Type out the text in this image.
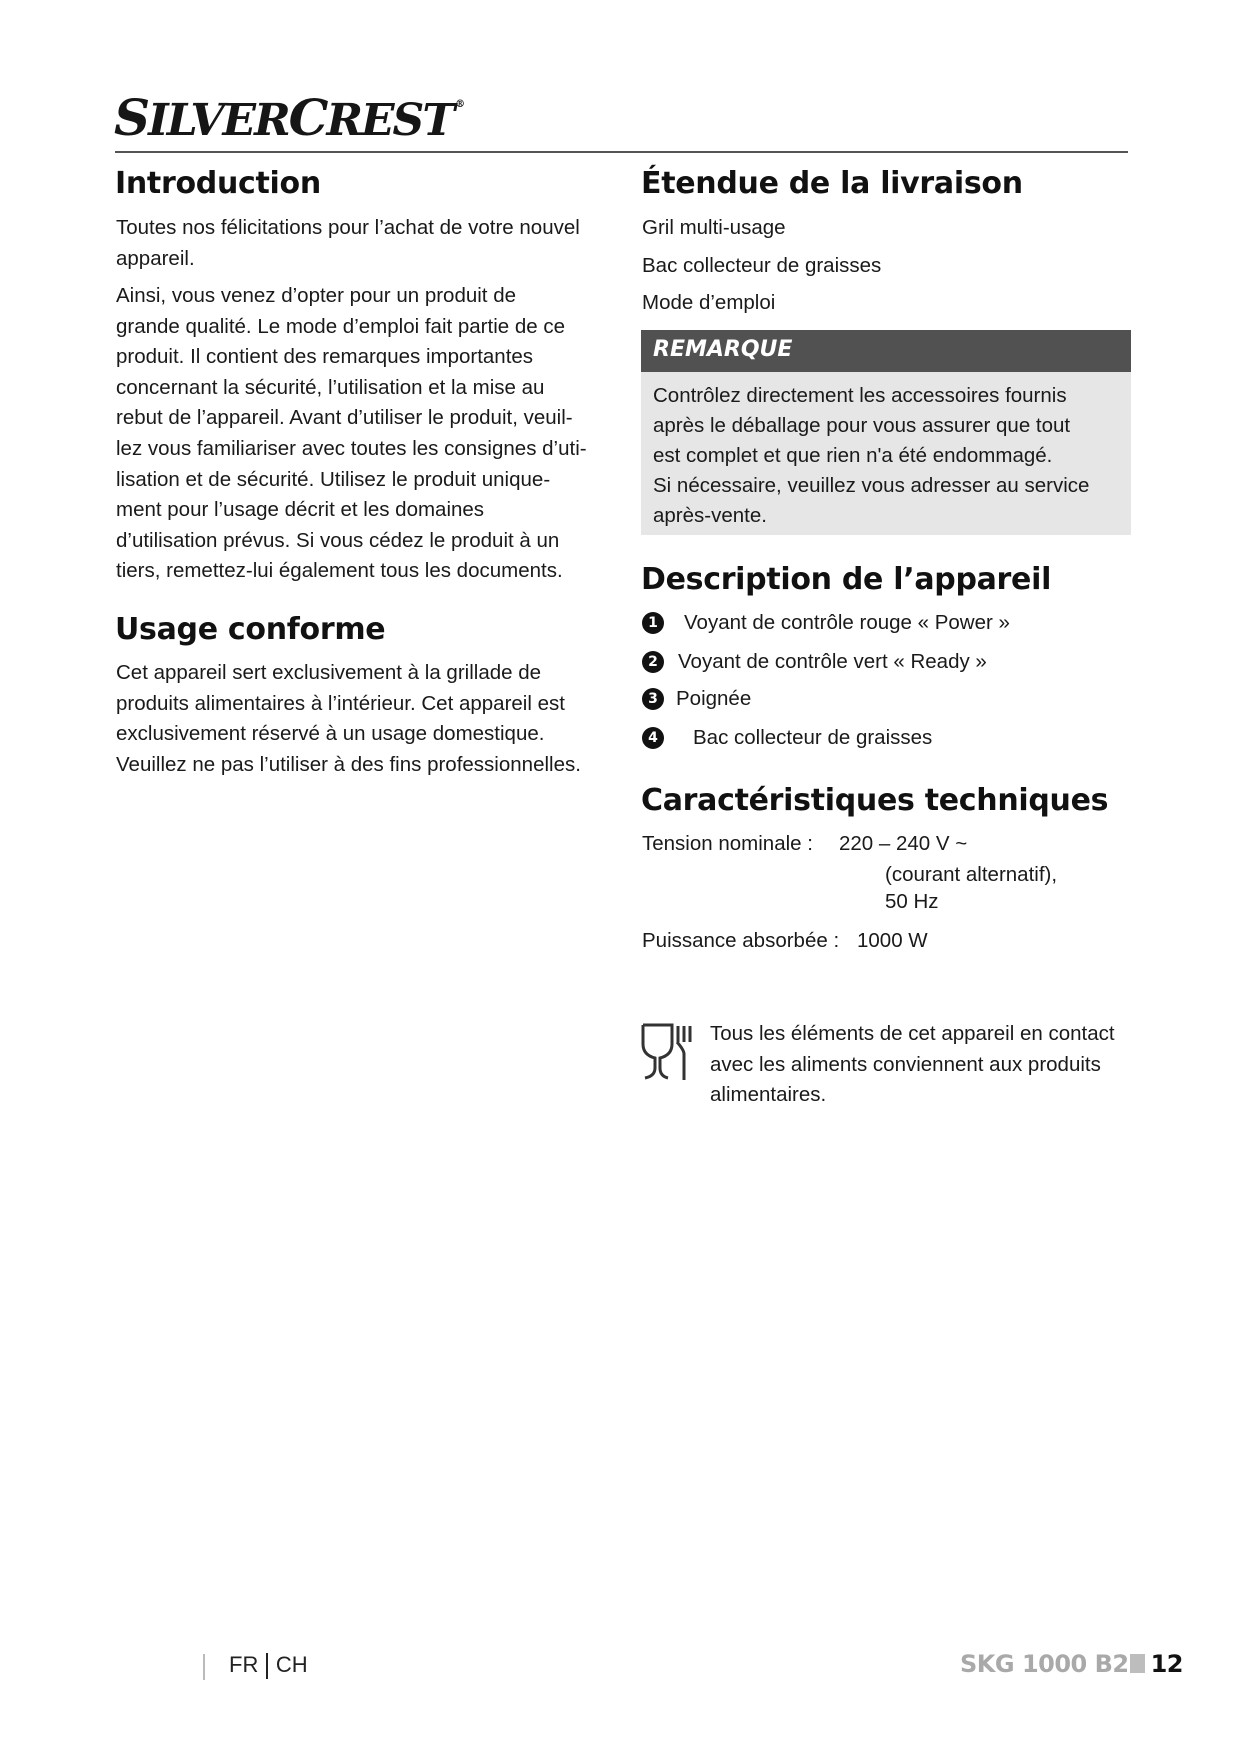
SILVERCREST ®
Introduction
Toutes nos félicitations pour l’achat de votre nouvel
appareil.
Ainsi, vous venez d’opter pour un produit de
grande qualité. Le mode d’emploi fait partie de ce
produit. Il contient des remarques importantes
concernant la sécurité, l’utilisation et la mise au
rebut de l’appareil. Avant d’utiliser le produit, veuil-
lez vous familiariser avec toutes les consignes d’uti-
lisation et de sécurité. Utilisez le produit unique-
ment pour l’usage décrit et les domaines
d’utilisation prévus. Si vous cédez le produit à un
tiers, remettez-lui également tous les documents.
Usage conforme
Cet appareil sert exclusivement à la grillade de
produits alimentaires à l’intérieur. Cet appareil est
exclusivement réservé à un usage domestique.
Veuillez ne pas l’utiliser à des fins professionnelles.
Étendue de la livraison
Gril multi-usage
Bac collecteur de graisses
Mode d’emploi
REMARQUE
Contrôlez directement les accessoires fournis
après le déballage pour vous assurer que tout
est complet et que rien n'a été endommagé.
Si nécessaire, veuillez vous adresser au service
après-vente.
Description de l’appareil
1 Voyant de contrôle rouge « Power »
2 Voyant de contrôle vert « Ready »
3 Poignée
4 Bac collecteur de graisses
Caractéristiques techniques
Tension nominale : 220 – 240 V ~
(courant alternatif),
50 Hz
Puissance absorbée : 1000 W
Tous les éléments de cet appareil en contact
avec les aliments conviennent aux produits
alimentaires.
FR CH	SKG 1000 B2 12
